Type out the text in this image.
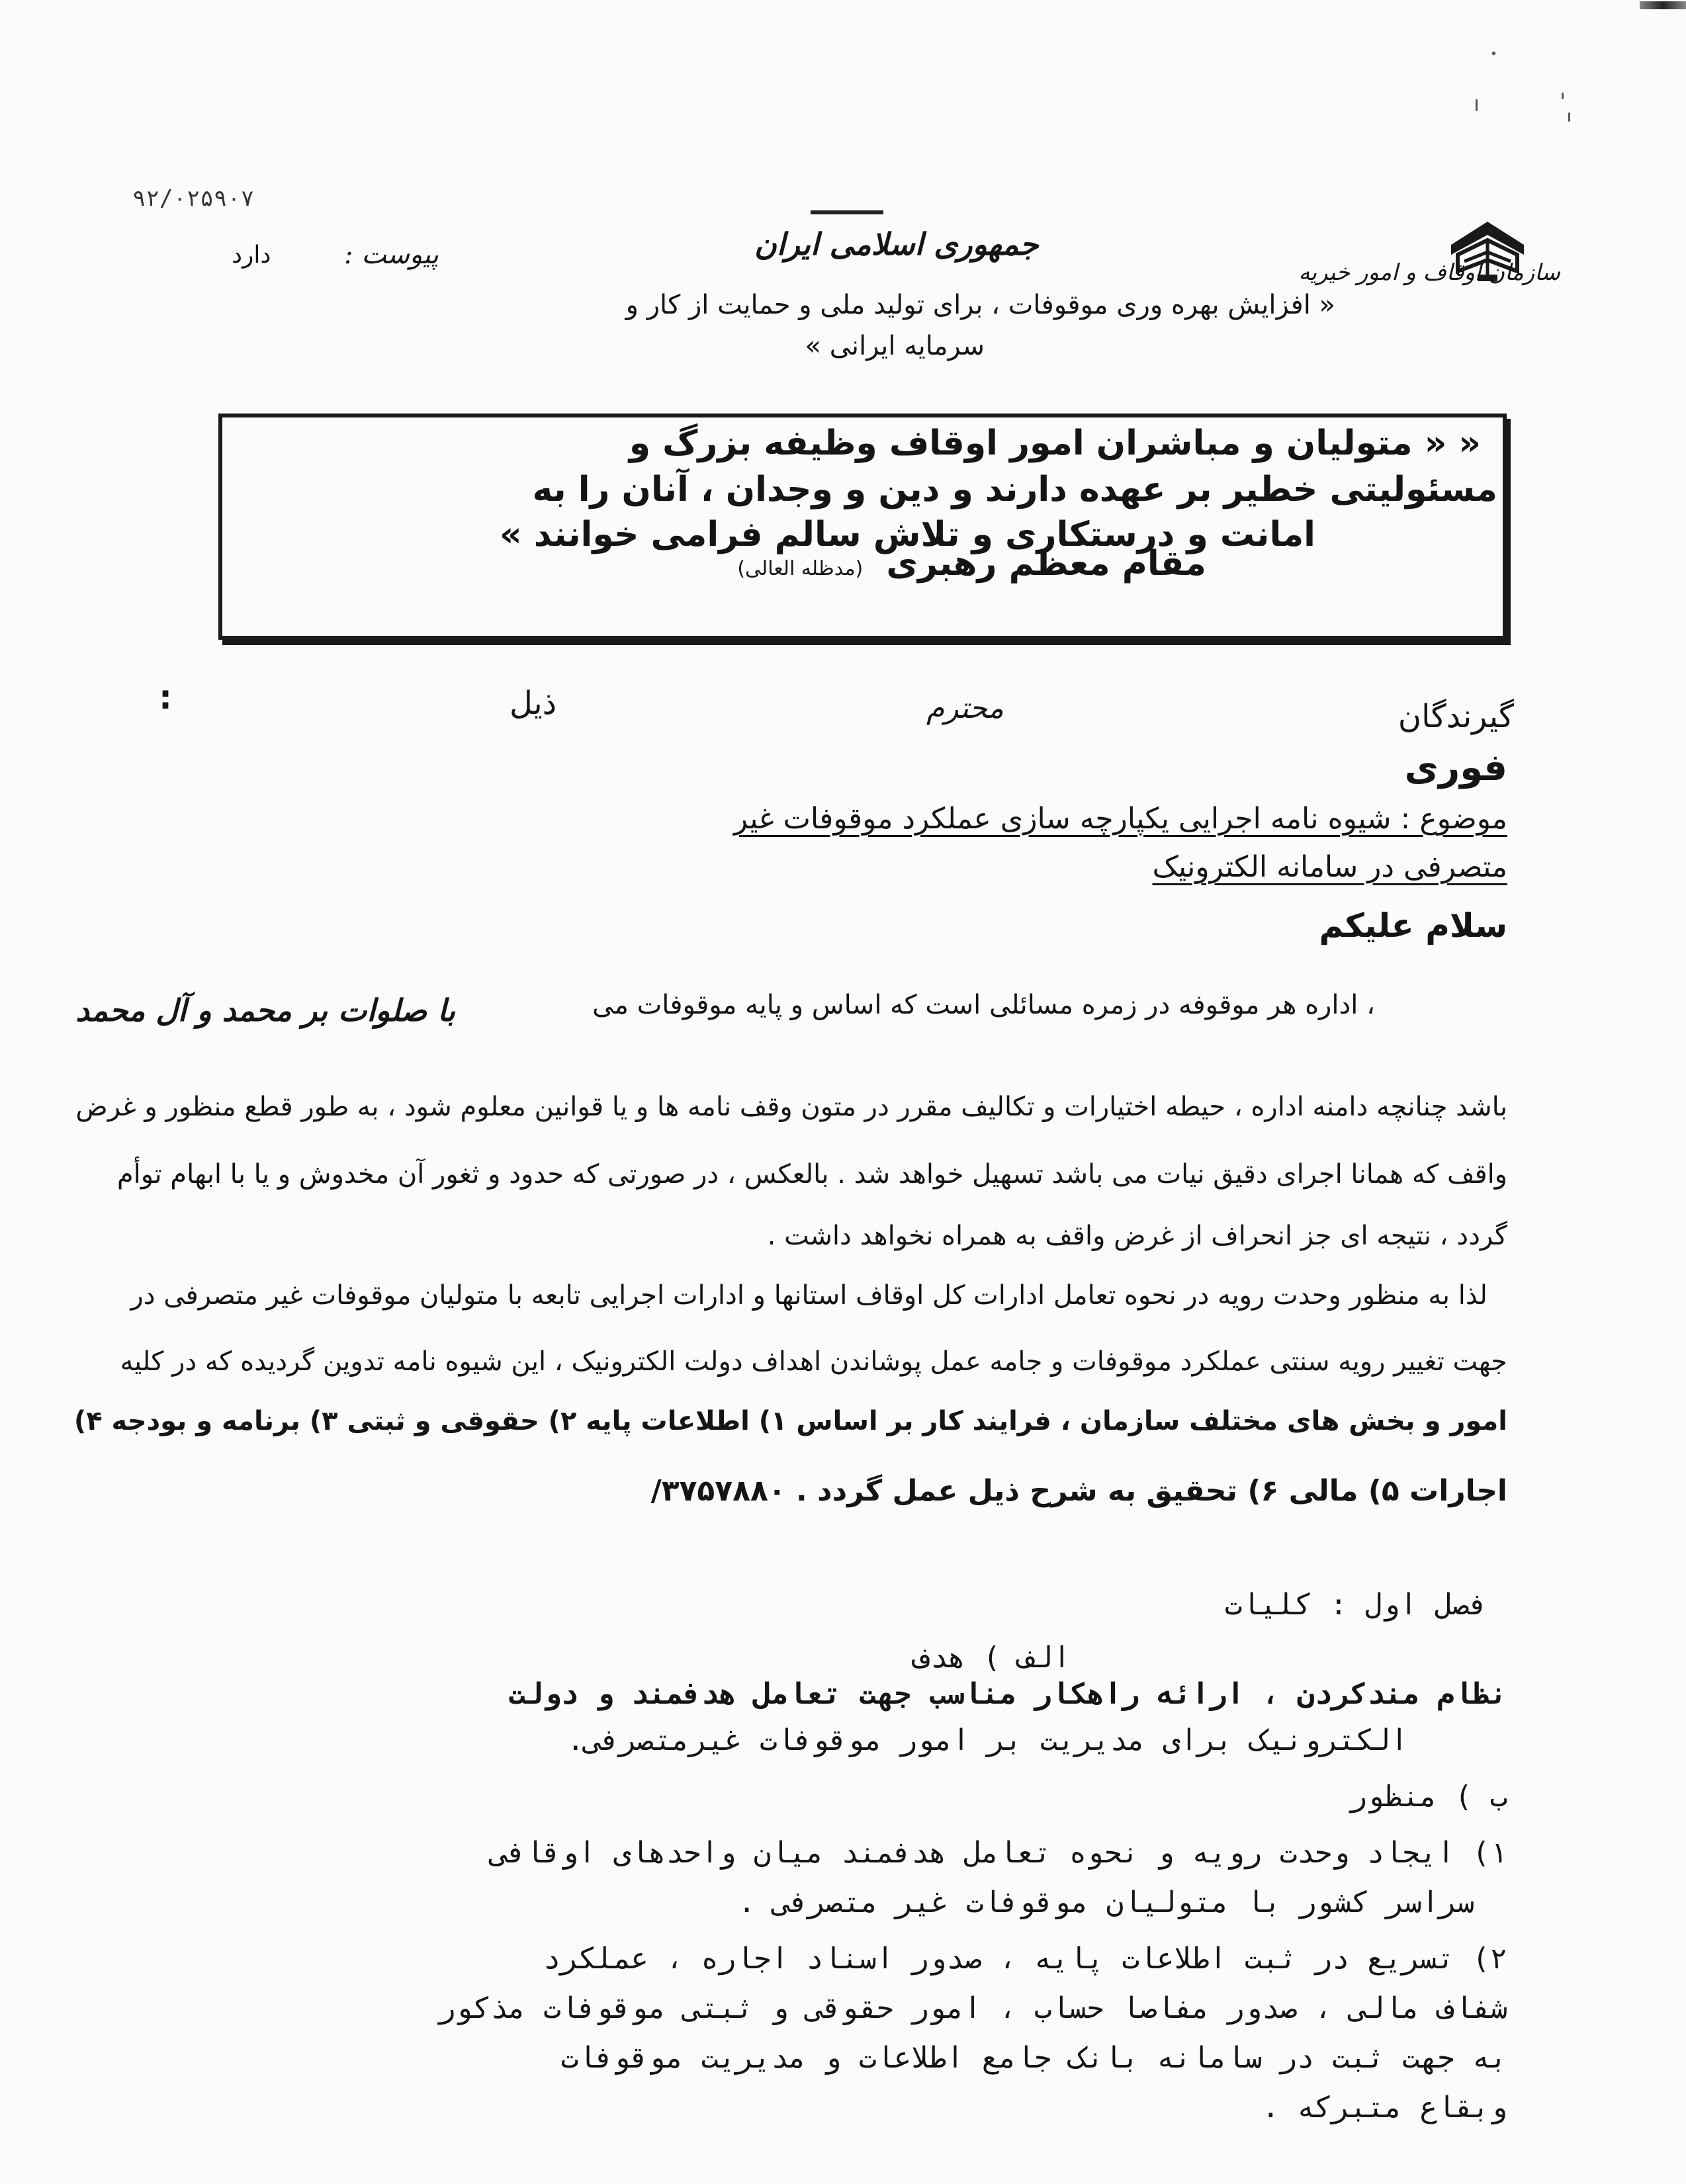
۹۲/۰۲۵۹۰۷
سازمان اوقاف و امور خیریه
جمهوری اسلامی ایران
پیوست :
دارد
« افزایش بهره وری موقوفات ، برای تولید ملی و حمایت از کار و
سرمایه ایرانی »
« « متولیان و مباشران امور اوقاف وظیفه بزرگ و
مسئولیتی خطیر بر عهده دارند و دین و وجدان ، آنان را به
امانت و درستکاری و تلاش سالم فرامی خوانند »
مقام معظم رهبری (مدظله العالی)
گیرندگان
محترم
ذیل
:
فوری
موضوع : شیوه نامه اجرایی یکپارچه سازی عملکرد موقوفات غیر
متصرفی در سامانه الکترونیک
سلام علیکم
با صلوات بر محمد و آل محمد	، اداره هر موقوفه در زمره مسائلی است که اساس و پایه موقوفات می
باشد چنانچه دامنه اداره ، حیطه اختیارات و تکالیف مقرر در متون وقف نامه ها و یا قوانین معلوم شود ، به طور قطع منظور و غرض
واقف که همانا اجرای دقیق نیات می باشد تسهیل خواهد شد . بالعکس ، در صورتی که حدود و ثغور آن مخدوش و یا با ابهام توأم
گردد ، نتیجه ای جز انحراف از غرض واقف به همراه نخواهد داشت .
لذا به منظور وحدت رویه در نحوه تعامل ادارات کل اوقاف استانها و ادارات اجرایی تابعه با متولیان موقوفات غیر متصرفی در
جهت تغییر رویه سنتی عملکرد موقوفات و جامه عمل پوشاندن اهداف دولت الکترونیک ، این شیوه نامه تدوین گردیده که در کلیه
امور و بخش های مختلف سازمان ، فرایند کار بر اساس ۱) اطلاعات پایه ۲) حقوقی و ثبتی ۳) برنامه و بودجه ۴)
اجارات ۵) مالی ۶) تحقیق به شرح ذیل عمل گردد . ۳۷۵۷۸۸۰/
فصل اول : کلیات
الف ) هدف
نظام مندکردن ، ارائه راهکار مناسب جهت تعامل هدفمند و دولت
الکترونیک برای مدیریت بر امور موقوفات غیرمتصرفی.
ب ) منظور
۱) ایجاد وحدت رویه و نحوه تعامل هدفمند میان واحدهای اوقافی
سراسر کشور با متولیان موقوفات غیر متصرفی .
۲) تسریع در ثبت اطلاعات پایه ، صدور اسناد اجاره ، عملکرد
شفاف مالی ، صدور مفاصا حساب ، امور حقوقی و ثبتی موقوفات مذکور
به جهت ثبت در سامانه بانک جامع اطلاعات و مدیریت موقوفات
وبقاع متبرکه .
